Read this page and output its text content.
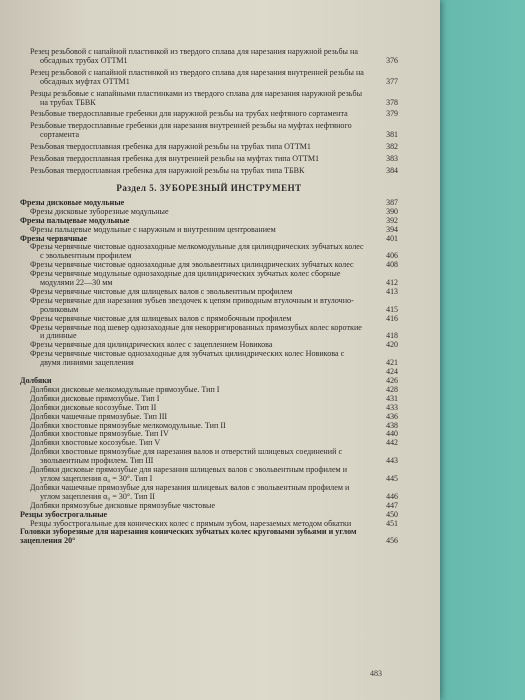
Резец резьбовой с напайной пластинкой из твердого сплава для нарезания наружной резьбы на обсадных трубах ОТТМ1	376
Резец резьбовой с напайной пластинкой из твердого сплава для нарезания внутренней резьбы на обсадных муфтах ОТТМ1	377
Резцы резьбовые с напайными пластинками из твердого сплава для нарезания наружной резьбы на трубах ТБВК	378
Резьбовые твердосплавные гребенки для наружной резьбы на трубах нефтяного сортамента	379
Резьбовые твердосплавные гребенки для нарезания внутренней резьбы на муфтах нефтяного сортамента	381
Резьбовая твердосплавная гребенка для наружной резьбы на трубах типа ОТТМ1	382
Резьбовая твердосплавная гребенка для внутренней резьбы на муфтах типа ОТТМ1	383
Резьбовая твердосплавная гребенка для наружной резьбы на трубах типа ТБВК	384
Раздел 5. ЗУБОРЕЗНЫЙ ИНСТРУМЕНТ
Фрезы дисковые модульные	387
Фрезы дисковые зуборезные модульные	390
Фрезы пальцевые модульные	392
Фрезы пальцевые модульные с наружным и внутренним центрованием	394
Фрезы червячные	401
Фрезы червячные чистовые однозаходные мелкомодульные для цилиндрических зубчатых колес с эвольвентным профилем	406
Фрезы червячные чистовые однозаходные для эвольвентных цилиндрических зубчатых колес	408
Фрезы червячные модульные однозаходные для цилиндрических зубчатых колес сборные модулями 22—30 мм	412
Фрезы червячные чистовые для шлицевых валов с эвольвентным профилем	413
Фрезы червячные для нарезания зубьев звездочек к цепям приводным втулочным и втулочно-роликовым	415
Фрезы червячные чистовые для шлицевых валов с прямобочным профилем	416
Фрезы червячные под шевер однозаходные для некорригированных прямозубых колес короткие и длинные	418
Фрезы червячные для цилиндрических колес с зацеплением Новикова	420
Фрезы червячные чистовые однозаходные для зубчатых цилиндрических колес Новикова с двумя линиями зацепления	421
424
Долбяки	426
Долбяки дисковые мелкомодульные прямозубые. Тип I	428
Долбяки дисковые прямозубые. Тип I	431
Долбяки дисковые косозубые. Тип II	433
Долбяки чашечные прямозубые. Тип III	436
Долбяки хвостовые прямозубые мелкомодульные. Тип II	438
Долбяки хвостовые прямозубые. Тип IV	440
Долбяки хвостовые косозубые. Тип V	442
Долбяки хвостовые прямозубые для нарезания валов и отверстий шлицевых соединений с эвольвентным профилем. Тип III	443
Долбяки дисковые прямозубые для нарезания шлицевых валов с эвольвентным профилем и углом зацепления α₀ = 30°. Тип I	445
Долбяки чашечные прямозубые для нарезания шлицевых валов с эвольвентным профилем и углом зацепления α₀ = 30°. Тип II	446
Долбяки прямозубые дисковые прямозубые чистовые	447
Резцы зубострогальные	450
Резцы зубострогальные для конических колес с прямым зубом, нарезаемых методом обкатки	451
Головки зуборезные для нарезания конических зубчатых колес круговыми зубьями и углом зацепления 20°	456
483
